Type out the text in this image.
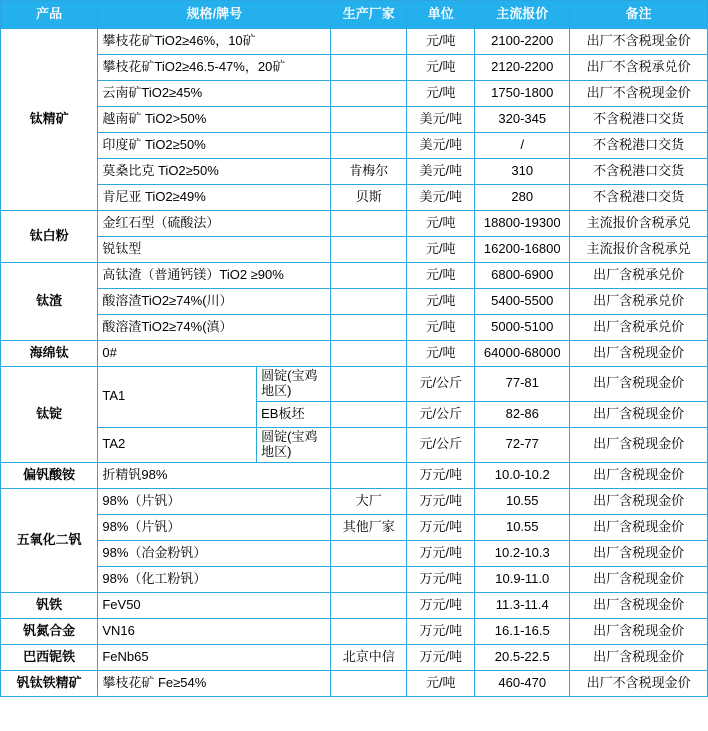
产品	规格/牌号		生产厂家	单位	主流报价	备注
钛精矿	攀枝花矿TiO2≥46%，10矿			元/吨	2100-2200	出厂不含税现金价
	攀枝花矿TiO2≥46.5-47%，20矿			元/吨	2120-2200	出厂不含税承兑价
	云南矿TiO2≥45%			元/吨	1750-1800	出厂不含税现金价
	越南矿 TiO2>50%			美元/吨	320-345	不含税港口交货
	印度矿 TiO2≥50%			美元/吨	/	不含税港口交货
	莫桑比克 TiO2≥50%		肯梅尔	美元/吨	310	不含税港口交货
	肯尼亚 TiO2≥49%		贝斯	美元/吨	280	不含税港口交货
钛白粉	金红石型（硫酸法）			元/吨	18800-19300	主流报价含税承兑
	锐钛型			元/吨	16200-16800	主流报价含税承兑
钛渣	高钛渣（普通钙镁）TiO2 ≥90%			元/吨	6800-6900	出厂含税承兑价
	酸溶渣TiO2≥74%(川）			元/吨	5400-5500	出厂含税承兑价
	酸溶渣TiO2≥74%(滇）			元/吨	5000-5100	出厂含税承兑价
海绵钛	0#			元/吨	64000-68000	出厂含税现金价
钛锭	TA1	圆锭(宝鸡地区)		元/公斤	77-81	出厂含税现金价
		EB板坯		元/公斤	82-86	出厂含税现金价
	TA2	圆锭(宝鸡地区)		元/公斤	72-77	出厂含税现金价
偏钒酸铵	折精钒98%			万元/吨	10.0-10.2	出厂含税现金价
五氧化二钒	98%（片钒）		大厂	万元/吨	10.55	出厂含税现金价
	98%（片钒）		其他厂家	万元/吨	10.55	出厂含税现金价
	98%（冶金粉钒）			万元/吨	10.2-10.3	出厂含税现金价
	98%（化工粉钒）			万元/吨	10.9-11.0	出厂含税现金价
钒铁	FeV50			万元/吨	11.3-11.4	出厂含税现金价
钒氮合金	VN16			万元/吨	16.1-16.5	出厂含税现金价
巴西铌铁	FeNb65		北京中信	万元/吨	20.5-22.5	出厂含税现金价
钒钛铁精矿	攀枝花矿 Fe≥54%			元/吨	460-470	出厂不含税现金价
